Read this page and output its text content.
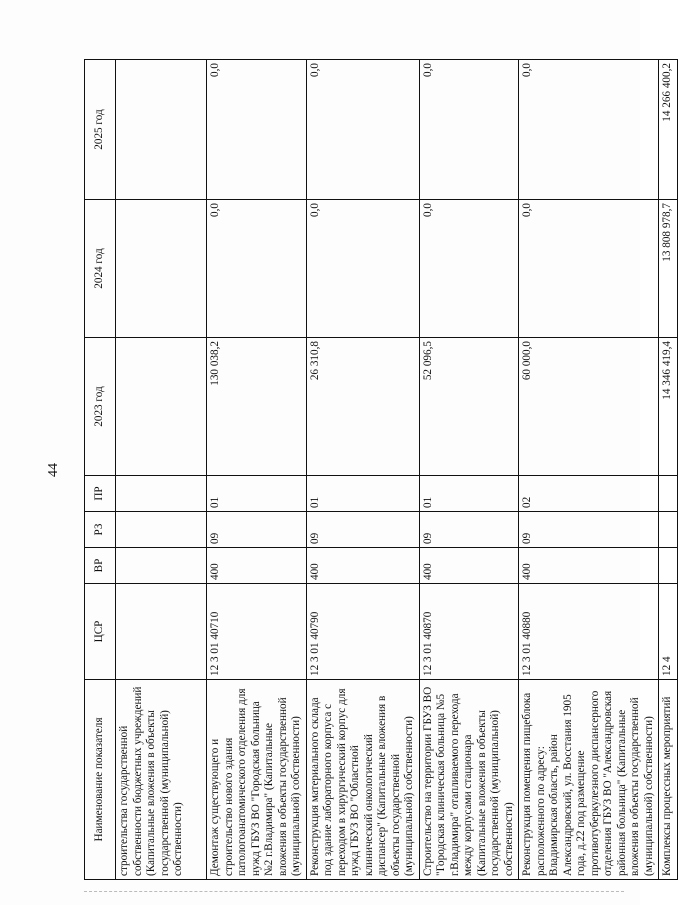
44
Наименование показателя	ЦСР	ВР	РЗ	ПР	2023 год	2024 год	2025 год
строительства государственной собственности бюджетных учреждений (Капитальные вложения в объекты государственной (муниципальной) собственности)							
Демонтаж существующего и строительство нового здания патологоанатомического отделения для нужд ГБУЗ ВО "Городская больница №2 г.Владимира" (Капитальные вложения в объекты государственной (муниципальной) собственности)	12 3 01 40710	400	09	01	130 038,2	0,0	0,0
Реконструкция материального склада под здание лабораторного корпуса с переходом в хирургический корпус для нужд ГБУЗ ВО "Областной клинический онкологический диспансер" (Капитальные вложения в объекты государственной (муниципальной) собственности)	12 3 01 40790	400	09	01	26 310,8	0,0	0,0
Строительство на территории ГБУЗ ВО "Городская клиническая больница №5 г.Владимира" отапливаемого перехода между корпусами стационара (Капитальные вложения в объекты государственной (муниципальной) собственности)	12 3 01 40870	400	09	01	52 096,5	0,0	0,0
Реконструкция помещения пищеблока расположенного по адресу: Владимирская область, район Александровский, ул. Восстания 1905 года, д.22 под размещение противотуберкулезного диспансерного отделения ГБУЗ ВО "Александровская районная больница" (Капитальные вложения в объекты государственной (муниципальной) собственности)	12 3 01 40880	400	09	02	60 000,0	0,0	0,0
Комплексы процессных мероприятий	12 4				14 346 419,4	13 808 978,7	14 266 400,2
